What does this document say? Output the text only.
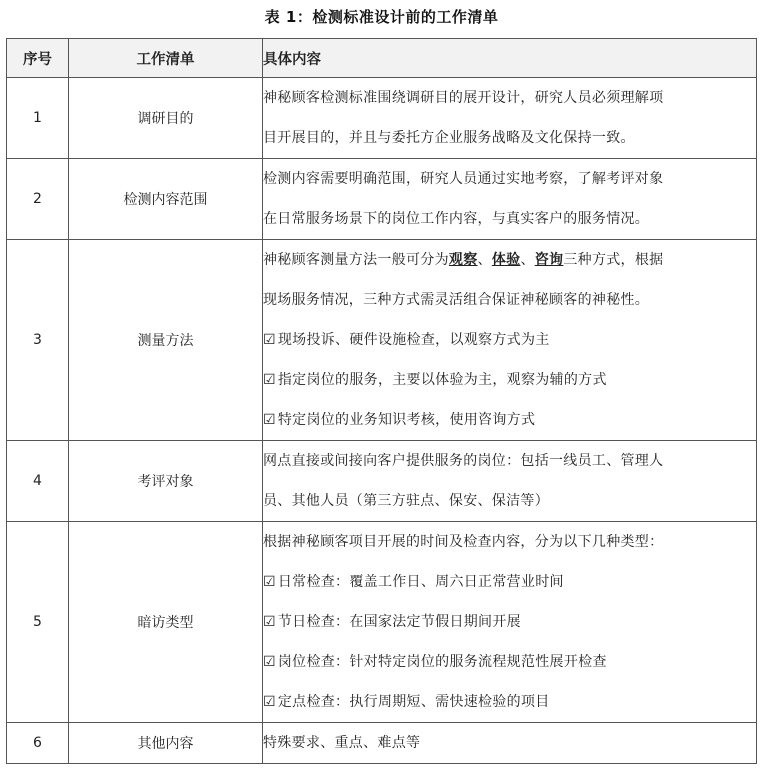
表 1：检测标准设计前的工作清单
序号	工作清单	具体内容
1	调研目的	神秘顾客检测标准围绕调研目的展开设计，研究人员必须理解项
目开展目的，并且与委托方企业服务战略及文化保持一致。

2	检测内容范围	检测内容需要明确范围，研究人员通过实地考察，了解考评对象
在日常服务场景下的岗位工作内容，与真实客户的服务情况。

3	测量方法	神秘顾客测量方法一般可分为观察、体验、咨询三种方式，根据
现场服务情况，三种方式需灵活组合保证神秘顾客的神秘性。
☑ 现场投诉、硬件设施检查，以观察方式为主
☑ 指定岗位的服务，主要以体验为主，观察为辅的方式
☑ 特定岗位的业务知识考核，使用咨询方式

4	考评对象	网点直接或间接向客户提供服务的岗位：包括一线员工、管理人
员、其他人员（第三方驻点、保安、保洁等）

5	暗访类型	根据神秘顾客项目开展的时间及检查内容，分为以下几种类型：
☑ 日常检查：覆盖工作日、周六日正常营业时间
☑ 节日检查：在国家法定节假日期间开展
☑ 岗位检查：针对特定岗位的服务流程规范性展开检查
☑ 定点检查：执行周期短、需快速检验的项目

6	其他内容	特殊要求、重点、难点等
